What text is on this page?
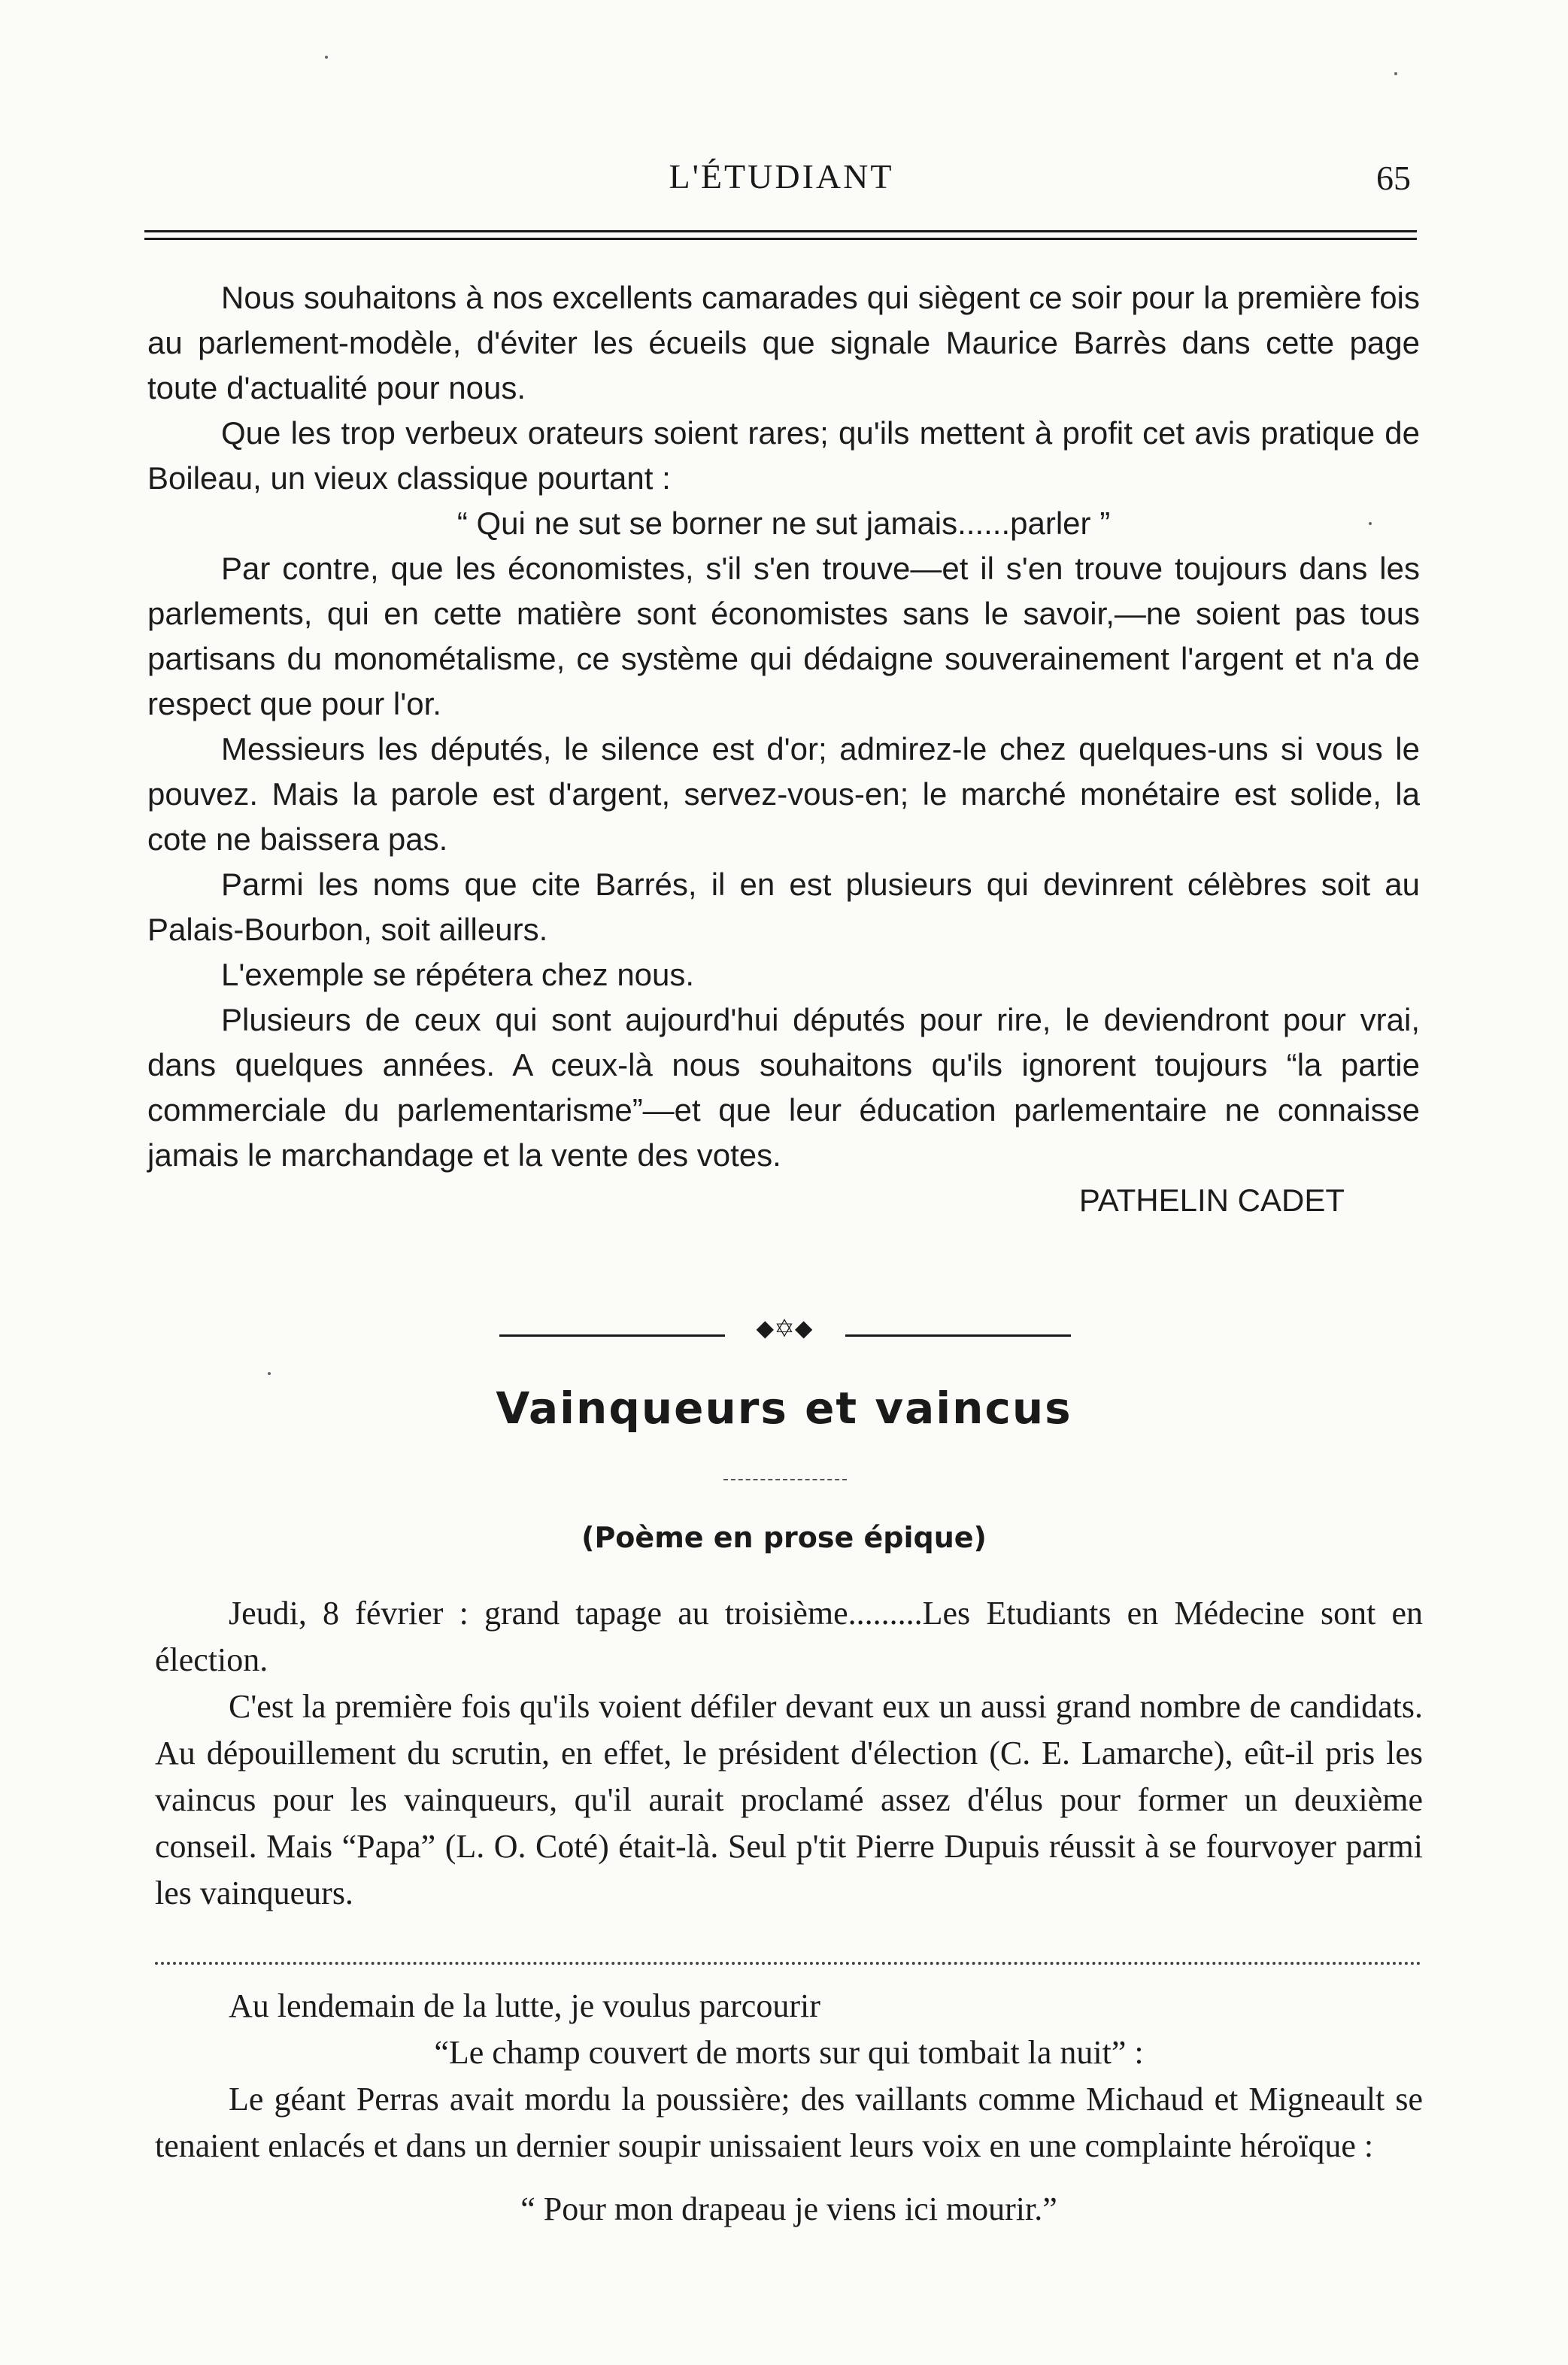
L'ÉTUDIANT	65

Nous souhaitons à nos excellents camarades qui siègent ce soir pour la première fois au parlement-modèle, d'éviter les écueils que signale Maurice Barrès dans cette page toute d'actualité pour nous.

Que les trop verbeux orateurs soient rares; qu'ils mettent à profit cet avis pratique de Boileau, un vieux classique pourtant :

“ Qui ne sut se borner ne sut jamais......parler ”

Par contre, que les économistes, s'il s'en trouve—et il s'en trouve toujours dans les parlements, qui en cette matière sont économistes sans le savoir,—ne soient pas tous partisans du monométalisme, ce système qui dédaigne souverainement l'argent et n'a de respect que pour l'or.

Messieurs les députés, le silence est d'or; admirez-le chez quelques-uns si vous le pouvez. Mais la parole est d'argent, servez-vous-en; le marché monétaire est solide, la cote ne baissera pas.

Parmi les noms que cite Barrés, il en est plusieurs qui devinrent célèbres soit au Palais-Bourbon, soit ailleurs.

L'exemple se répétera chez nous.

Plusieurs de ceux qui sont aujourd'hui députés pour rire, le deviendront pour vrai, dans quelques années. A ceux-là nous souhaitons qu'ils ignorent toujours “la partie commerciale du parlementarisme”—et que leur éducation parlementaire ne connaisse jamais le marchandage et la vente des votes.

PATHELIN CADET

⬥✡⬥
Vainqueurs et vaincus
(Poème en prose épique)

Jeudi, 8 février : grand tapage au troisième.........Les Etudiants en Médecine sont en élection.

C'est la première fois qu'ils voient défiler devant eux un aussi grand nombre de candidats. Au dépouillement du scrutin, en effet, le président d'élection (C. E. Lamarche), eût-il pris les vaincus pour les vainqueurs, qu'il aurait proclamé assez d'élus pour former un deuxième conseil. Mais “Papa” (L. O. Coté) était-là. Seul p'tit Pierre Dupuis réussit à se fourvoyer parmi les vainqueurs.

Au lendemain de la lutte, je voulus parcourir

“Le champ couvert de morts sur qui tombait la nuit” :

Le géant Perras avait mordu la poussière; des vaillants comme Michaud et Migneault se tenaient enlacés et dans un dernier soupir unissaient leurs voix en une complainte héroïque :

“ Pour mon drapeau je viens ici mourir.”
